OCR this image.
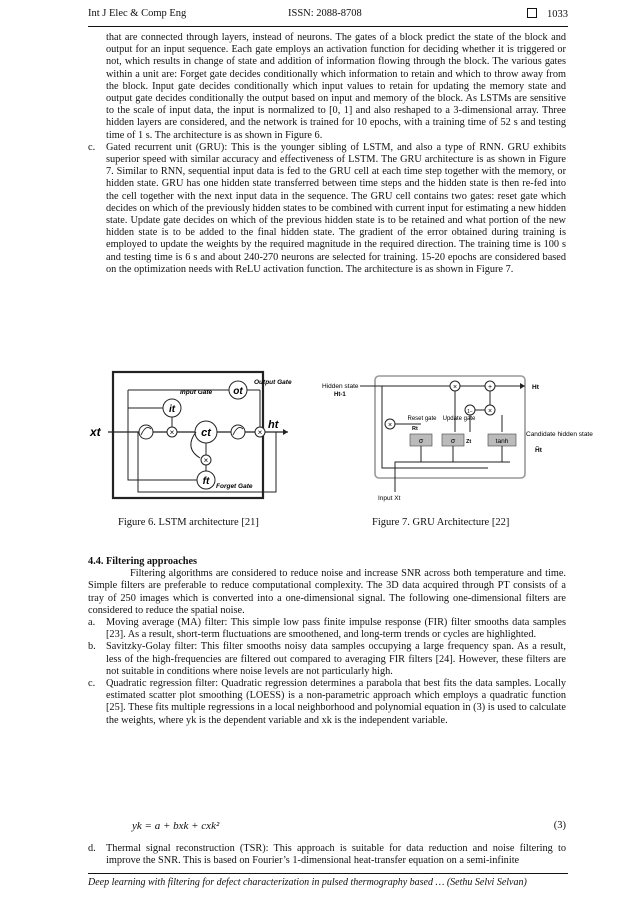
Int J Elec & Comp Eng	ISSN: 2088-8708	1033

that are connected through layers, instead of neurons. The gates of a block predict the state of the block and output for an input sequence. Each gate employs an activation function for deciding whether it is triggered or not, which results in change of state and addition of information flowing through the block. The various gates within a unit are: Forget gate decides conditionally which information to retain and which to throw away from the block. Input gate decides conditionally which input values to retain for updating the memory state and output gate decides conditionally the output based on input and memory of the block. As LSTMs are sensitive to the scale of input data, the input is normalized to [0, 1] and also reshaped to a 3-dimensional array. Three hidden layers are considered, and the network is trained for 10 epochs, with a training time of 52 s and testing time of 1 s. The architecture is as shown in Figure 6.

c.	Gated recurrent unit (GRU): This is the younger sibling of LSTM, and also a type of RNN. GRU exhibits superior speed with similar accuracy and effectiveness of LSTM. The GRU architecture is as shown in Figure 7. Similar to RNN, sequential input data is fed to the GRU cell at each time step together with the memory, or hidden state. GRU has one hidden state transferred between time steps and the hidden state is then re-fed into the cell together with the next input data in the sequence. The GRU cell contains two gates: reset gate which decides on which of the previously hidden states to be combined with current input for estimating a new hidden state. Update gate decides on which of the previous hidden state is to be retained and what portion of the new hidden state is to be added to the final hidden state. The gradient of the error obtained during training is employed to update the weights by the required magnitude in the required direction. The training time is 100 s and testing time is 6 s and about 240-270 neurons are selected for training. 15-20 epochs are considered based on the optimization needs with ReLU activation function. The architecture is as shown in Figure 7.
× ct	×
it
Input Gate ot
Output Gate
ft
×
Forget Gate
xt	ht
Hidden state
Ht-1
Ht
×	+
1− ×
×
σ	σ	tanh
Reset gate
Rt
Update gate
Zt
Candidate hidden state
H̃t
Input Xt
Figure 6. LSTM architecture [21]	Figure 7. GRU Architecture [22]

4.4. Filtering approaches

Filtering algorithms are considered to reduce noise and increase SNR across both temperature and time. Simple filters are preferable to reduce computational complexity. The 3D data acquired through PT consists of a tray of 250 images which is converted into a one-dimensional signal. The following one-dimensional filters are considered to reduce the spatial noise.

a.	Moving average (MA) filter: This simple low pass finite impulse response (FIR) filter smooths data samples [23]. As a result, short-term fluctuations are smoothened, and long-term trends or cycles are highlighted.
b. Savitzky-Golay filter: This filter smooths noisy data samples occupying a large frequency span. As a result, less of the high-frequencies are filtered out compared to averaging FIR filters [24]. However, these filters are not suitable in conditions where noise levels are not particularly high.
c.	Quadratic regression filter: Quadratic regression determines a parabola that best fits the data samples. Locally estimated scatter plot smoothing (LOESS) is a non-parametric approach which employs a quadratic function [25]. These fits multiple regressions in a local neighborhood and polynomial equation in (3) is used to calculate the weights, where yk is the dependent variable and xk is the independent variable.
yk = a + bxk + cxk²	(3)
d. Thermal signal reconstruction (TSR): This approach is suitable for data reduction and noise filtering to improve the SNR. This is based on Fourier’s 1-dimensional heat-transfer equation on a semi-infinite
Deep learning with filtering for defect characterization in pulsed thermography based … (Sethu Selvi Selvan)
